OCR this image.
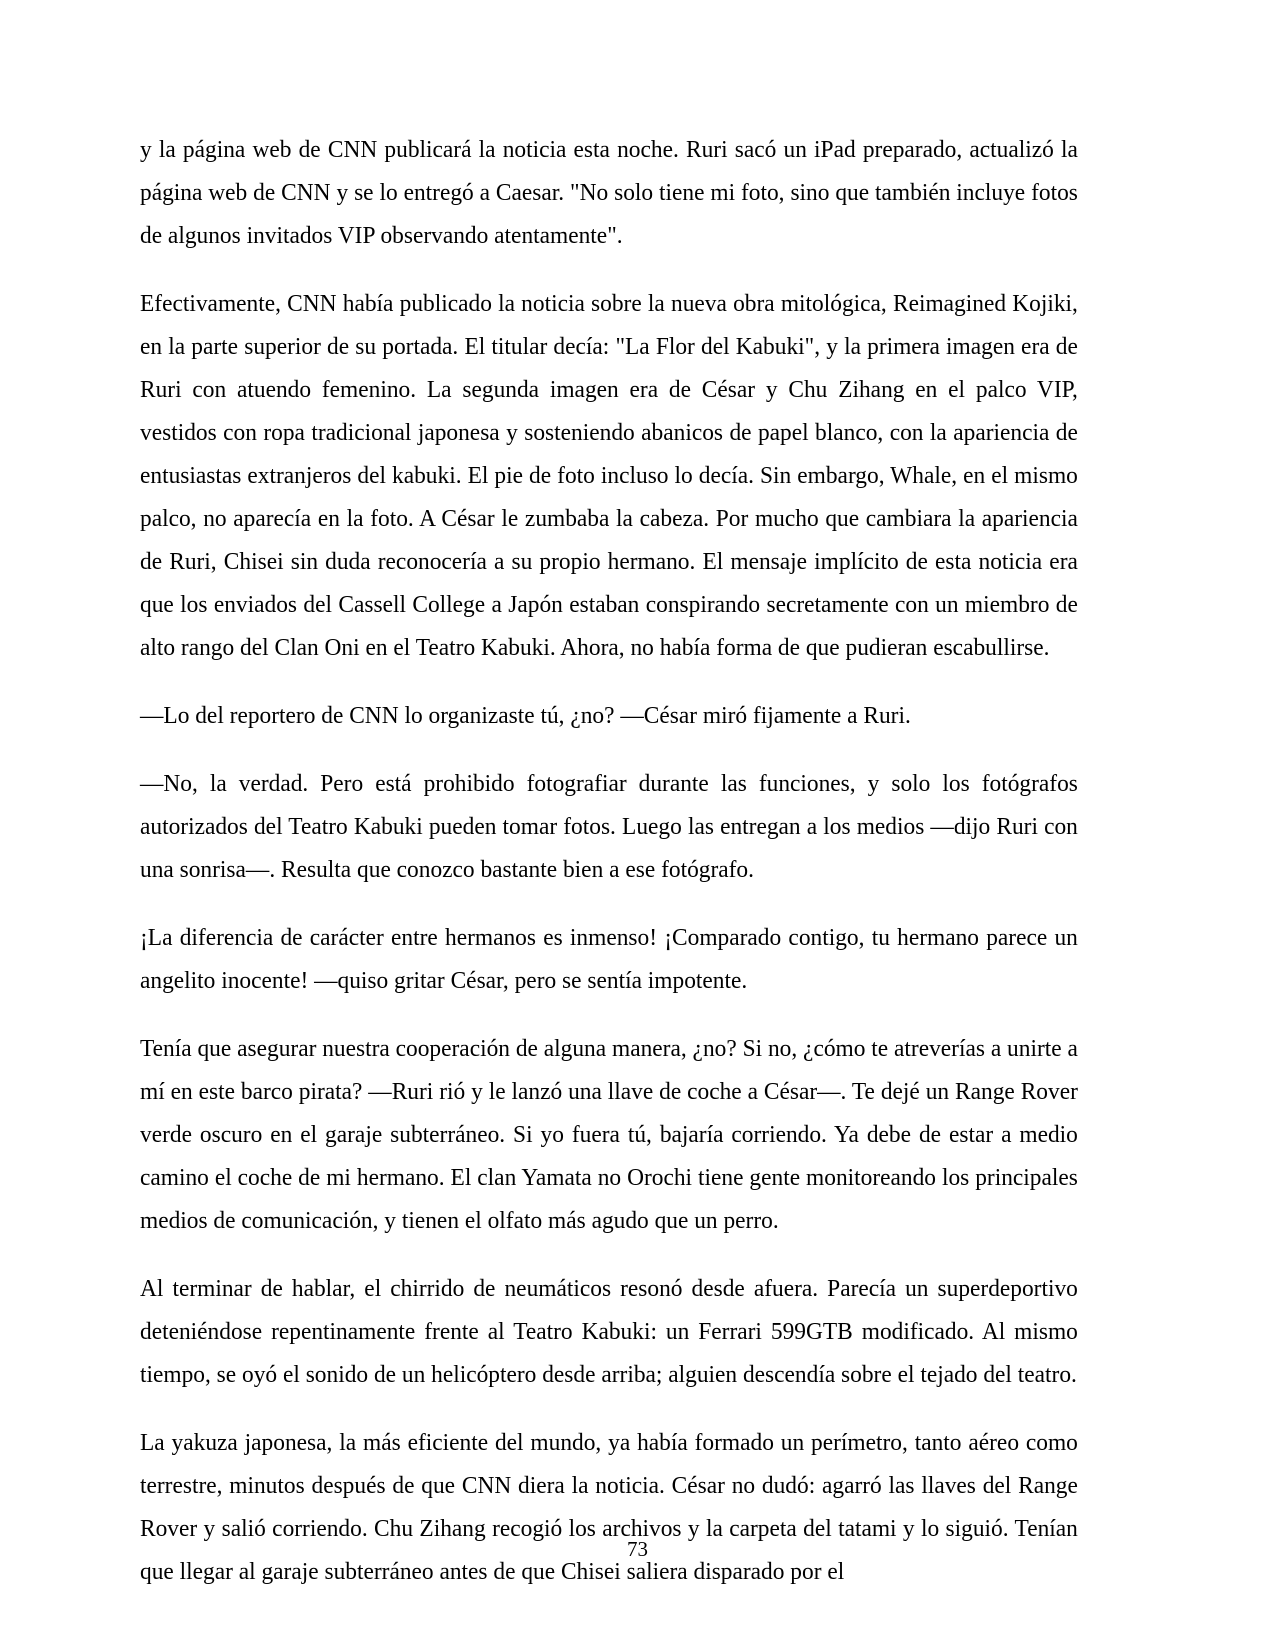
y la página web de CNN publicará la noticia esta noche. Ruri sacó un iPad preparado, actualizó la página web de CNN y se lo entregó a Caesar. "No solo tiene mi foto, sino que también incluye fotos de algunos invitados VIP observando atentamente".

Efectivamente, CNN había publicado la noticia sobre la nueva obra mitológica, Reimagined Kojiki, en la parte superior de su portada. El titular decía: "La Flor del Kabuki", y la primera imagen era de Ruri con atuendo femenino. La segunda imagen era de César y Chu Zihang en el palco VIP, vestidos con ropa tradicional japonesa y sosteniendo abanicos de papel blanco, con la apariencia de entusiastas extranjeros del kabuki. El pie de foto incluso lo decía. Sin embargo, Whale, en el mismo palco, no aparecía en la foto. A César le zumbaba la cabeza. Por mucho que cambiara la apariencia de Ruri, Chisei sin duda reconocería a su propio hermano. El mensaje implícito de esta noticia era que los enviados del Cassell College a Japón estaban conspirando secretamente con un miembro de alto rango del Clan Oni en el Teatro Kabuki. Ahora, no había forma de que pudieran escabullirse.

—Lo del reportero de CNN lo organizaste tú, ¿no? —César miró fijamente a Ruri.

—No, la verdad. Pero está prohibido fotografiar durante las funciones, y solo los fotógrafos autorizados del Teatro Kabuki pueden tomar fotos. Luego las entregan a los medios —dijo Ruri con una sonrisa—. Resulta que conozco bastante bien a ese fotógrafo.

¡La diferencia de carácter entre hermanos es inmenso! ¡Comparado contigo, tu hermano parece un angelito inocente! —quiso gritar César, pero se sentía impotente.

Tenía que asegurar nuestra cooperación de alguna manera, ¿no? Si no, ¿cómo te atreverías a unirte a mí en este barco pirata? —Ruri rió y le lanzó una llave de coche a César—. Te dejé un Range Rover verde oscuro en el garaje subterráneo. Si yo fuera tú, bajaría corriendo. Ya debe de estar a medio camino el coche de mi hermano. El clan Yamata no Orochi tiene gente monitoreando los principales medios de comunicación, y tienen el olfato más agudo que un perro.

Al terminar de hablar, el chirrido de neumáticos resonó desde afuera. Parecía un superdeportivo deteniéndose repentinamente frente al Teatro Kabuki: un Ferrari 599GTB modificado. Al mismo tiempo, se oyó el sonido de un helicóptero desde arriba; alguien descendía sobre el tejado del teatro.

La yakuza japonesa, la más eficiente del mundo, ya había formado un perímetro, tanto aéreo como terrestre, minutos después de que CNN diera la noticia. César no dudó: agarró las llaves del Range Rover y salió corriendo. Chu Zihang recogió los archivos y la carpeta del tatami y lo siguió. Tenían que llegar al garaje subterráneo antes de que Chisei saliera disparado por el

73
